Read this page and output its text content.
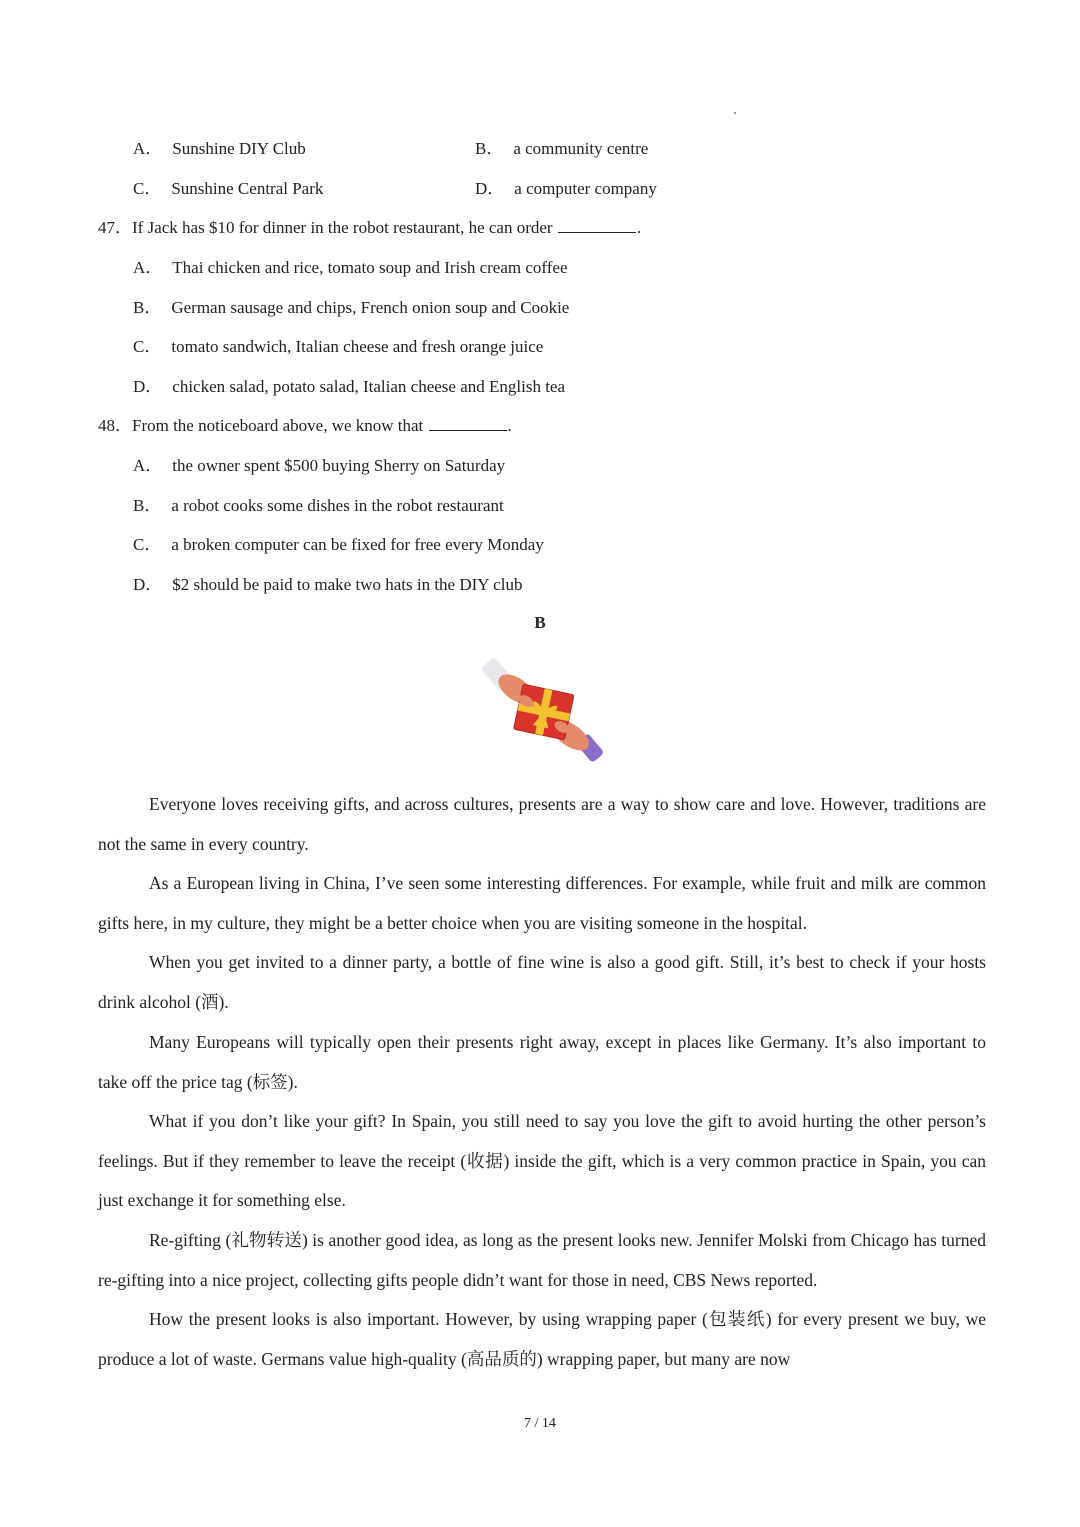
A． Sunshine DIY Club	B． a community centre
C． Sunshine Central Park	D． a computer company
47．If Jack has $10 for dinner in the robot restaurant, he can order	.
A． Thai chicken and rice, tomato soup and Irish cream coffee
B． German sausage and chips, French onion soup and Cookie
C． tomato sandwich, Italian cheese and fresh orange juice
D． chicken salad, potato salad, Italian cheese and English tea
48．From the noticeboard above, we know that	.
A． the owner spent $500 buying Sherry on Saturday
B． a robot cooks some dishes in the robot restaurant
C． a broken computer can be fixed for free every Monday
D． $2 should be paid to make two hats in the DIY club
B
Everyone loves receiving gifts, and across cultures, presents are a way to show care and love. However, traditions are not the same in every country.
As a European living in China, I’ve seen some interesting differences. For example, while fruit and milk are common gifts here, in my culture, they might be a better choice when you are visiting someone in the hospital.
When you get invited to a dinner party, a bottle of fine wine is also a good gift. Still, it’s best to check if your hosts drink alcohol (酒).
Many Europeans will typically open their presents right away, except in places like Germany. It’s also important to take off the price tag (标签).
What if you don’t like your gift? In Spain, you still need to say you love the gift to avoid hurting the other person’s feelings. But if they remember to leave the receipt (收据) inside the gift, which is a very common practice in Spain, you can just exchange it for something else.
Re-gifting (礼物转送) is another good idea, as long as the present looks new. Jennifer Molski from Chicago has turned re-gifting into a nice project, collecting gifts people didn’t want for those in need, CBS News reported.
How the present looks is also important. However, by using wrapping paper (包装纸) for every present we buy, we produce a lot of waste. Germans value high-quality (高品质的) wrapping paper, but many are now
7 / 14
